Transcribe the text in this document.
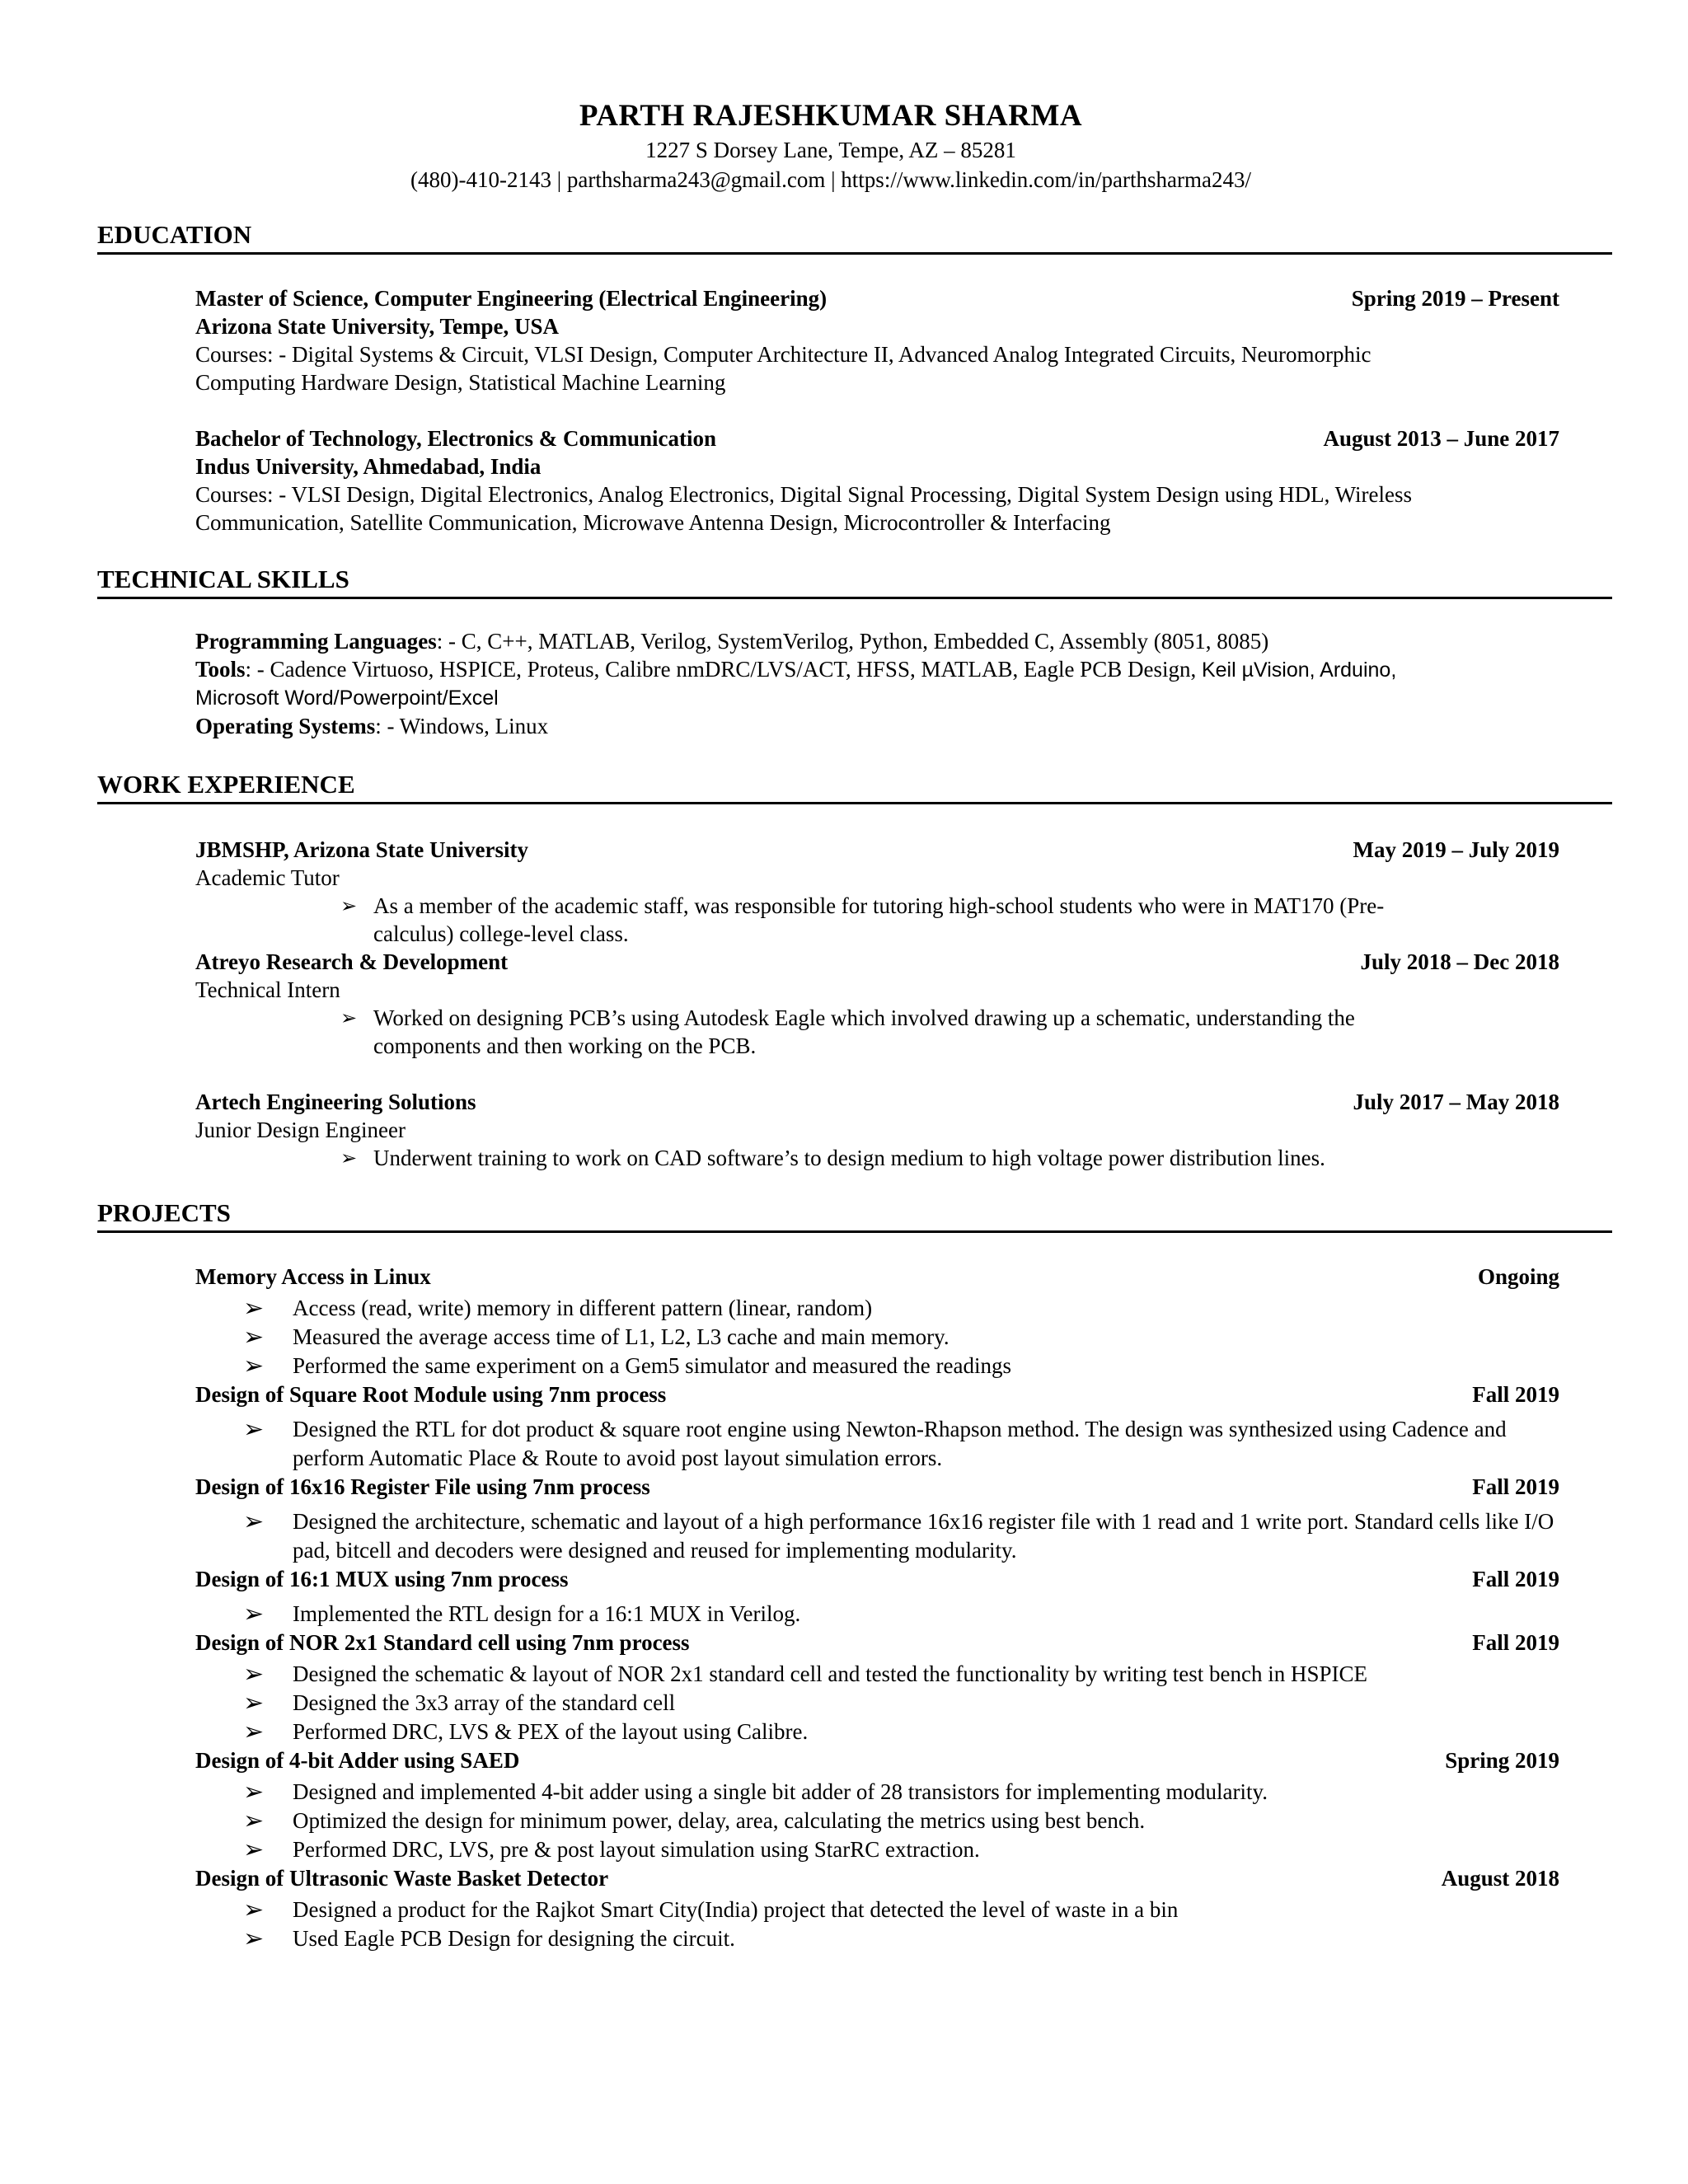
PARTH RAJESHKUMAR SHARMA
1227 S Dorsey Lane, Tempe, AZ – 85281
(480)-410-2143 | parthsharma243@gmail.com | https://www.linkedin.com/in/parthsharma243/
EDUCATION
Master of Science, Computer Engineering (Electrical Engineering)	Spring 2019 – Present
Arizona State University, Tempe, USA
Courses: - Digital Systems & Circuit, VLSI Design, Computer Architecture II, Advanced Analog Integrated Circuits, Neuromorphic
Computing Hardware Design, Statistical Machine Learning
Bachelor of Technology, Electronics & Communication	August 2013 – June 2017
Indus University, Ahmedabad, India
Courses: - VLSI Design, Digital Electronics, Analog Electronics, Digital Signal Processing, Digital System Design using HDL, Wireless
Communication, Satellite Communication, Microwave Antenna Design, Microcontroller & Interfacing
TECHNICAL SKILLS
Programming Languages: - C, C++, MATLAB, Verilog, SystemVerilog, Python, Embedded C, Assembly (8051, 8085)
Tools: - Cadence Virtuoso, HSPICE, Proteus, Calibre nmDRC/LVS/ACT, HFSS, MATLAB, Eagle PCB Design, Keil µVision, Arduino,
Microsoft Word/Powerpoint/Excel
Operating Systems: - Windows, Linux
WORK EXPERIENCE
JBMSHP, Arizona State University	May 2019 – July 2019
Academic Tutor
➢ As a member of the academic staff, was responsible for tutoring high-school students who were in MAT170 (Pre-
calculus) college-level class.
Atreyo Research & Development	July 2018 – Dec 2018
Technical Intern
➢ Worked on designing PCB’s using Autodesk Eagle which involved drawing up a schematic, understanding the
components and then working on the PCB.
Artech Engineering Solutions	July 2017 – May 2018
Junior Design Engineer
➢ Underwent training to work on CAD software’s to design medium to high voltage power distribution lines.
PROJECTS
Memory Access in Linux	Ongoing
➢	Access (read, write) memory in different pattern (linear, random)
➢	Measured the average access time of L1, L2, L3 cache and main memory.
➢	Performed the same experiment on a Gem5 simulator and measured the readings
Design of Square Root Module using 7nm process	Fall 2019
➢	Designed the RTL for dot product & square root engine using Newton-Rhapson method. The design was synthesized using Cadence and perform Automatic Place & Route to avoid post layout simulation errors.
Design of 16x16 Register File using 7nm process	Fall 2019
➢	Designed the architecture, schematic and layout of a high performance 16x16 register file with 1 read and 1 write port. Standard cells like I/O pad, bitcell and decoders were designed and reused for implementing modularity.
Design of 16:1 MUX using 7nm process	Fall 2019
➢	Implemented the RTL design for a 16:1 MUX in Verilog.
Design of NOR 2x1 Standard cell using 7nm process	Fall 2019
➢	Designed the schematic & layout of NOR 2x1 standard cell and tested the functionality by writing test bench in HSPICE
➢	Designed the 3x3 array of the standard cell
➢	Performed DRC, LVS & PEX of the layout using Calibre.
Design of 4-bit Adder using SAED	Spring 2019
➢	Designed and implemented 4-bit adder using a single bit adder of 28 transistors for implementing modularity.
➢	Optimized the design for minimum power, delay, area, calculating the metrics using best bench.
➢	Performed DRC, LVS, pre & post layout simulation using StarRC extraction.
Design of Ultrasonic Waste Basket Detector	August 2018
➢	Designed a product for the Rajkot Smart City(India) project that detected the level of waste in a bin
➢	Used Eagle PCB Design for designing the circuit.
